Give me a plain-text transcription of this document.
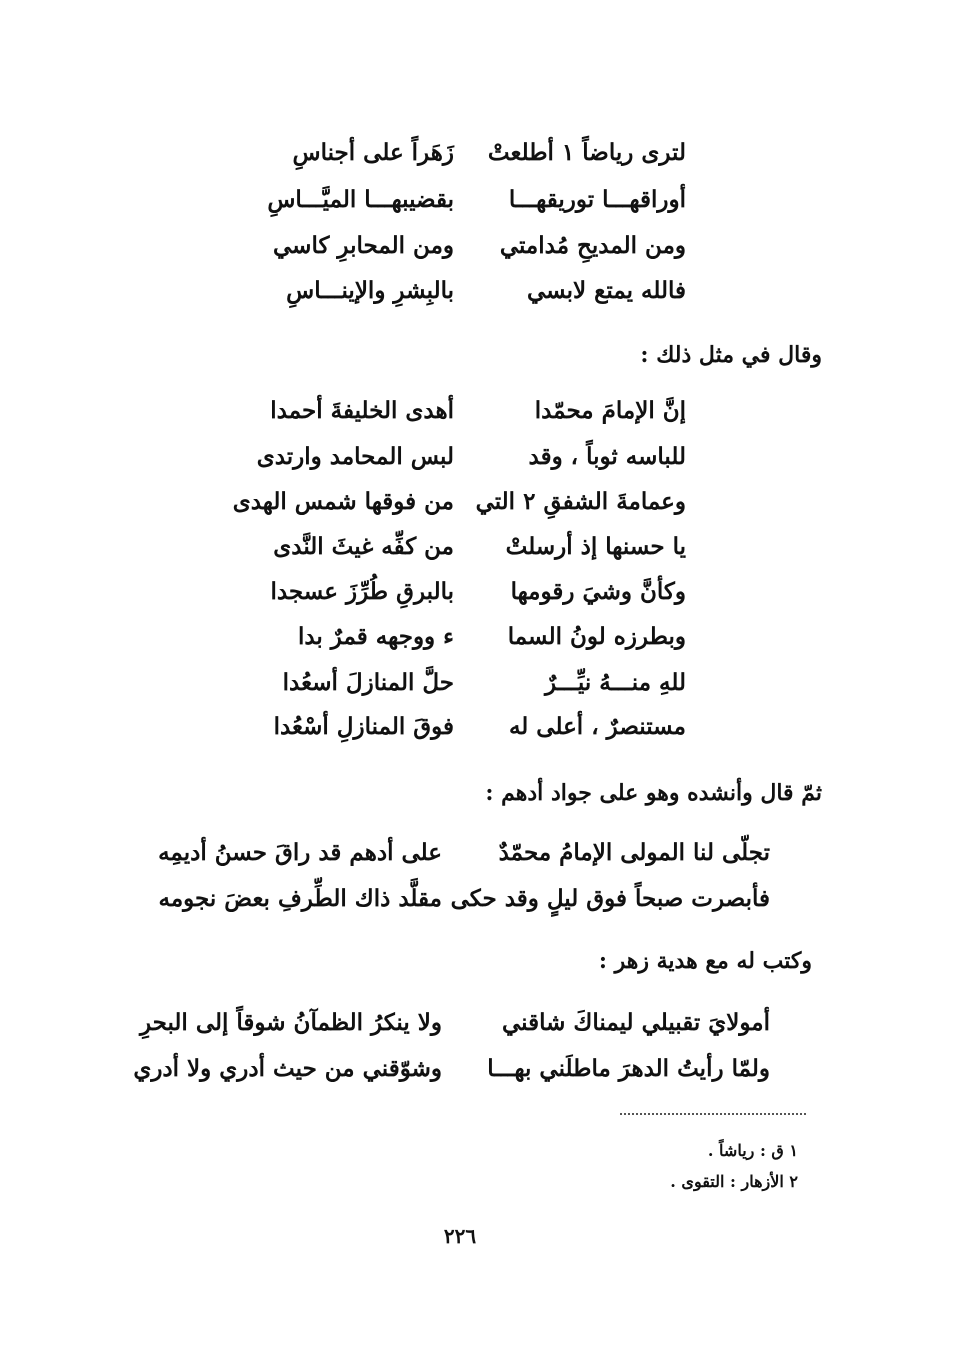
لترى رياضاً ١ أطلعتْ
زَهَراً على أجناسِ
أوراقهـــا توريقهـــا
بقضيبهـــا الميَّـــاسِ
ومن المديحِ مُدامتي
ومن المحابرِ كاسي
فالله يمتع لابسي
بالبِشرِ والإينـــاسِ
وقال في مثل ذلك :
إنَّ الإمامَ محمّدا
أهدى الخليفةَ أحمدا
للباسه ثوباً ، وقد
لبس المحامد وارتدى
وعمامةَ الشفقِ ٢ التي
من فوقها شمس الهدى
يا حسنها إذ أرسلتْ
من كفِّه غيثَ النَّدى
وكأنَّ وشيَ رقومها
بالبرقِ طُرِّزَ عسجدا
وبطرزه لونُ السما
ء ووجهه قمرٌ بدا
للهِ منـــهُ نيِّـــرٌ
حلَّ المنازلَ أسعُدا
مستنصرٌ ، أعلى له
فوقَ المنازلِ أسْعُدا
ثمّ قال وأنشده وهو على جواد أدهم :
تجلّى لنا المولى الإمامُ محمّدٌ
على أدهم قد راقَ حسنُ أديمِه
فأبصرت صبحاً فوق ليلٍ وقد حكى
مقلَّد ذاك الطِّرفِ بعضَ نجومه
وكتب له مع هدية زهر :
أمولايَ تقبيلي ليمناكَ شاقني
ولا ينكرُ الظمآنُ شوقاً إلى البحرِ
ولمّا رأيتُ الدهرَ ماطلَني بهـــا
وشوّقني من حيث أدري ولا أدري
١ ق : رياشاً .
٢ الأزهار : التقوى .
٢٢٦
